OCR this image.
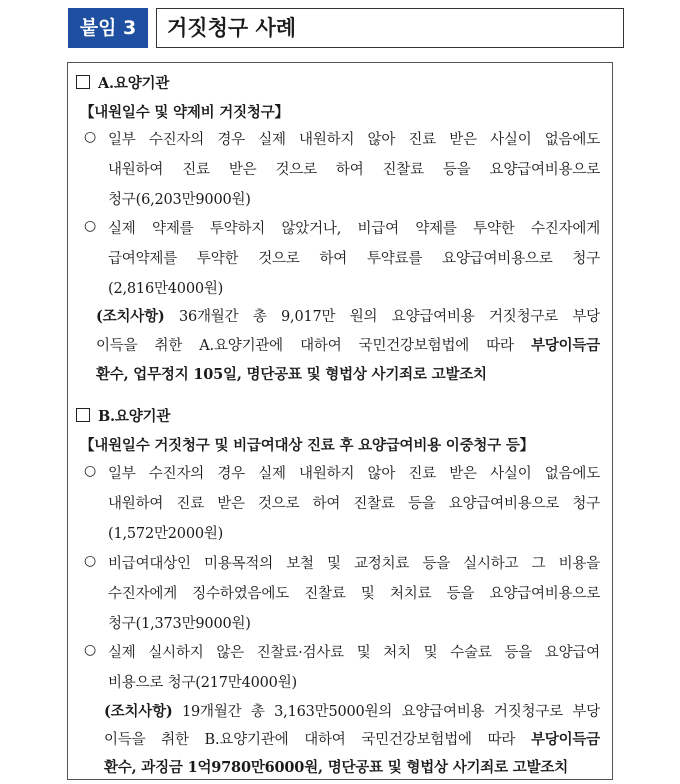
붙임 3	거짓청구 사례
A.요양기관
【내원일수 및 약제비 거짓청구】
○ 일부 수진자의 경우 실제 내원하지 않아 진료 받은 사실이 없음에도
내원하여 진료 받은 것으로 하여 진찰료 등을 요양급여비용으로
청구(6,203만9000원)
○ 실제 약제를 투약하지 않았거나, 비급여 약제를 투약한 수진자에게
급여약제를 투약한 것으로 하여 투약료를 요양급여비용으로 청구
(2,816만4000원)
(조치사항) 36개월간 총 9,017만 원의 요양급여비용 거짓청구로 부당
이득을 취한 A.요양기관에 대하여 국민건강보험법에 따라 부당이득금
환수, 업무정지 105일, 명단공표 및 형법상 사기죄로 고발조치
B.요양기관
【내원일수 거짓청구 및 비급여대상 진료 후 요양급여비용 이중청구 등】
○ 일부 수진자의 경우 실제 내원하지 않아 진료 받은 사실이 없음에도
내원하여 진료 받은 것으로 하여 진찰료 등을 요양급여비용으로 청구
(1,572만2000원)
○ 비급여대상인 미용목적의 보철 및 교정치료 등을 실시하고 그 비용을
수진자에게 징수하였음에도 진찰료 및 처치료 등을 요양급여비용으로
청구(1,373만9000원)
○ 실제 실시하지 않은 진찰료·검사료 및 처치 및 수술료 등을 요양급여
비용으로 청구(217만4000원)
(조치사항) 19개월간 총 3,163만5000원의 요양급여비용 거짓청구로 부당
이득을 취한 B.요양기관에 대하여 국민건강보험법에 따라 부당이득금
환수, 과징금 1억9780만6000원, 명단공표 및 형법상 사기죄로 고발조치
